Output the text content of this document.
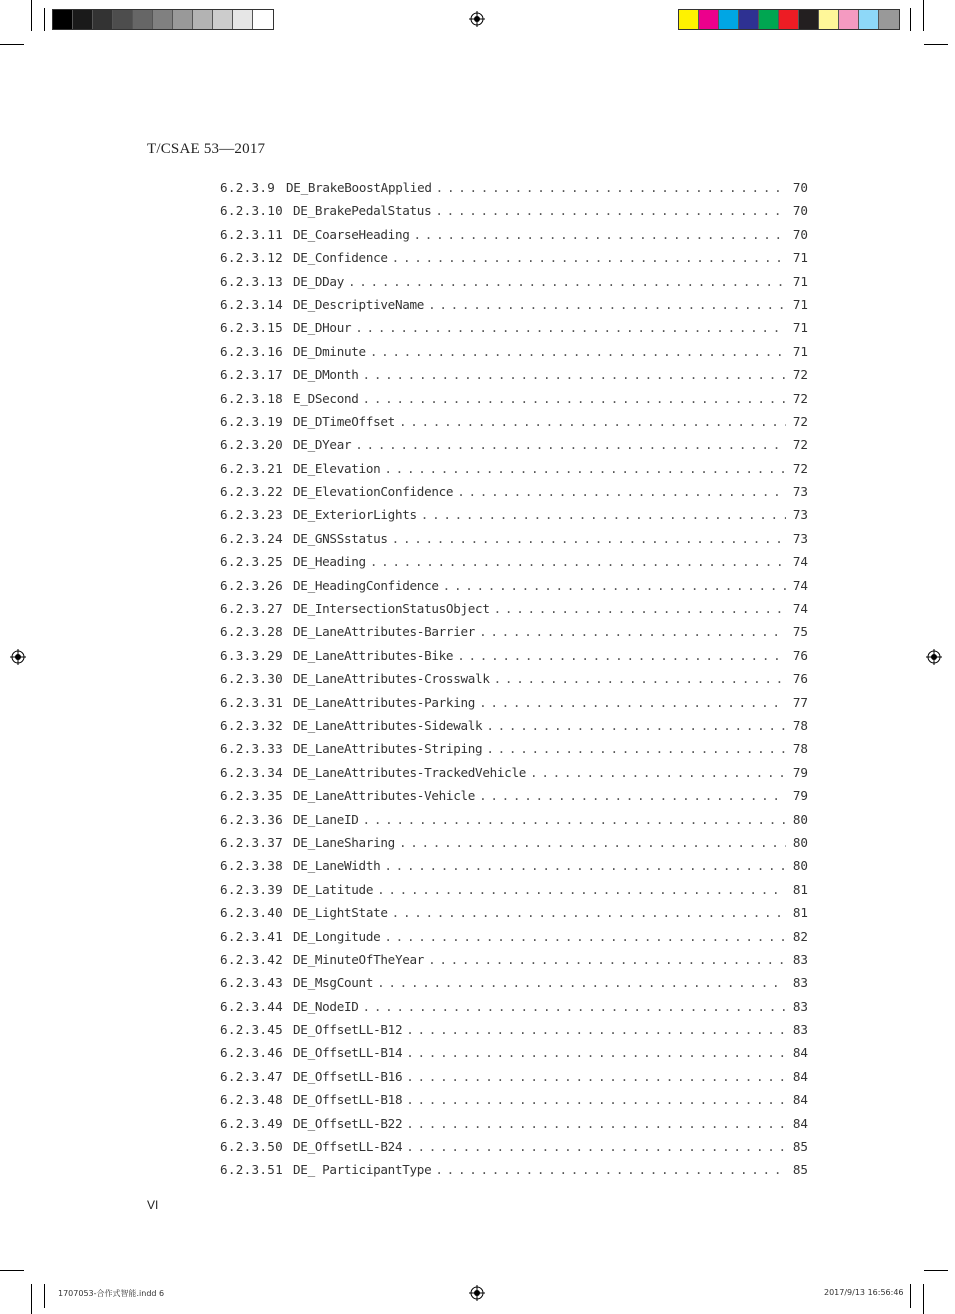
T/CSAE 53—2017
6.2.3.9 DE_BrakeBoostApplied .....	70
6.2.3.10 DE_BrakePedalStatus .....	70
6.2.3.11 DE_CoarseHeading .....	70
6.2.3.12 DE_Confidence .....	71
6.2.3.13 DE_DDay .....	71
6.2.3.14 DE_DescriptiveName .....	71
6.2.3.15 DE_DHour .....	71
6.2.3.16 DE_Dminute .....	71
6.2.3.17 DE_DMonth .....	72
6.2.3.18 E_DSecond .....	72
6.2.3.19 DE_DTimeOffset .....	72
6.2.3.20 DE_DYear .....	72
6.2.3.21 DE_Elevation .....	72
6.2.3.22 DE_ElevationConfidence .....	73
6.2.3.23 DE_ExteriorLights .....	73
6.2.3.24 DE_GNSSstatus .....	73
6.2.3.25 DE_Heading .....	74
6.2.3.26 DE_HeadingConfidence .....	74
6.2.3.27 DE_IntersectionStatusObject .....	74
6.2.3.28 DE_LaneAttributes-Barrier .....	75
6.3.3.29 DE_LaneAttributes-Bike .....	76
6.2.3.30 DE_LaneAttributes-Crosswalk .....	76
6.2.3.31 DE_LaneAttributes-Parking .....	77
6.2.3.32 DE_LaneAttributes-Sidewalk .....	78
6.2.3.33 DE_LaneAttributes-Striping .....	78
6.2.3.34 DE_LaneAttributes-TrackedVehicle .....	79
6.2.3.35 DE_LaneAttributes-Vehicle .....	79
6.2.3.36 DE_LaneID .....	80
6.2.3.37 DE_LaneSharing .....	80
6.2.3.38 DE_LaneWidth .....	80
6.2.3.39 DE_Latitude .....	81
6.2.3.40 DE_LightState .....	81
6.2.3.41 DE_Longitude .....	82
6.2.3.42 DE_MinuteOfTheYear .....	83
6.2.3.43 DE_MsgCount .....	83
6.2.3.44 DE_NodeID .....	83
6.2.3.45 DE_OffsetLL-B12 .....	83
6.2.3.46 DE_OffsetLL-B14 .....	84
6.2.3.47 DE_OffsetLL-B16 .....	84
6.2.3.48 DE_OffsetLL-B18 .....	84
6.2.3.49 DE_OffsetLL-B22 .....	84
6.2.3.50 DE_OffsetLL-B24 .....	85
6.2.3.51 DE_ ParticipantType .....	85
VI
1707053-合作式智能.indd 6	2017/9/13 16:56:46
